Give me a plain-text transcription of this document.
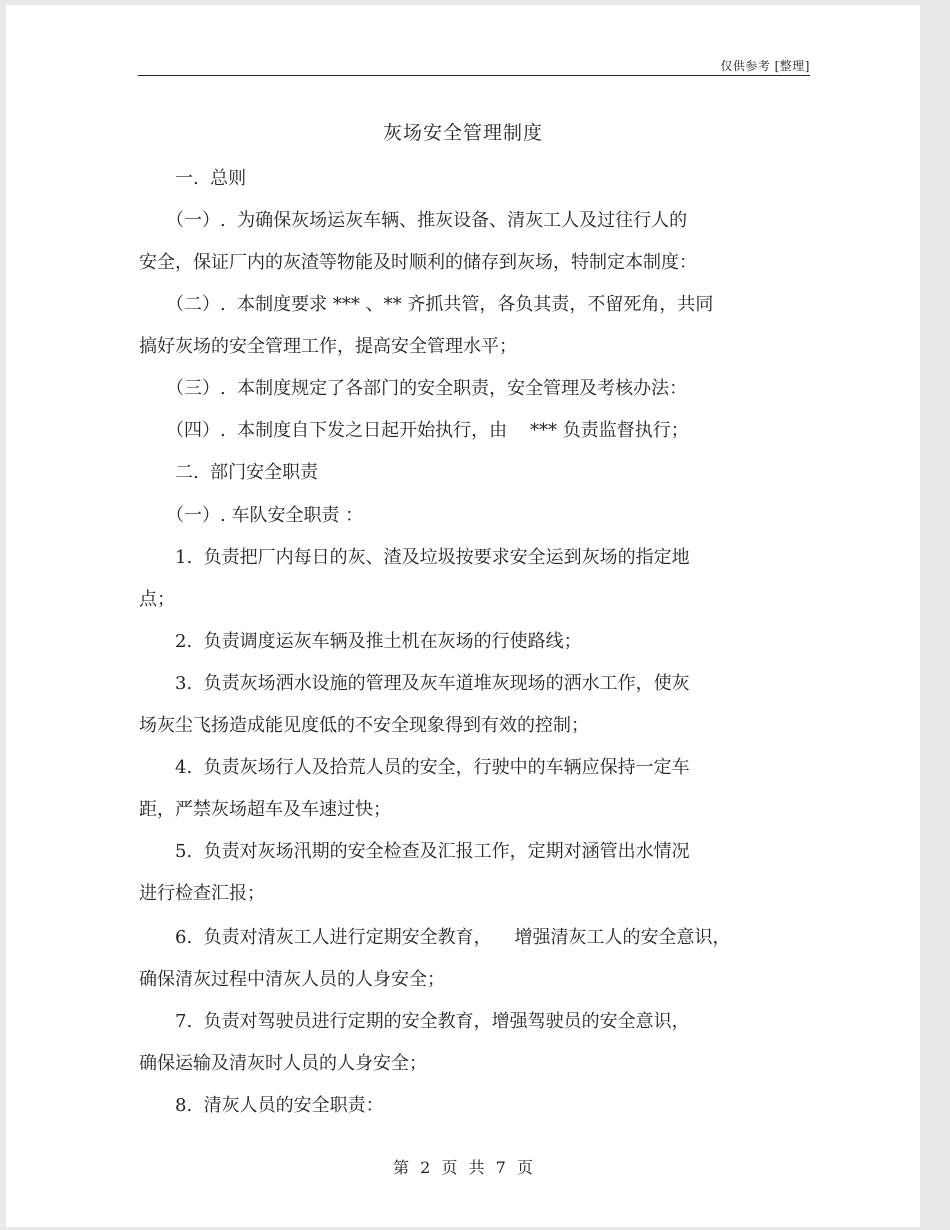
仅供参考 [整理]
灰场安全管理制度
　　一.  总则
　　（一）.  为确保灰场运灰车辆、推灰设备、清灰工人及过往行人的
安全，保证厂内的灰渣等物能及时顺利的储存到灰场，特制定本制度：
　　（二）.  本制度要求 *** 、** 齐抓共管，各负其责，不留死角，共同
搞好灰场的安全管理工作，提高安全管理水平；
　　（三）.  本制度规定了各部门的安全职责，安全管理及考核办法：
　　（四）.  本制度自下发之日起开始执行，由    *** 负责监督执行；
　　二.  部门安全职责
　　（一）. 车队安全职责 ：
　　1.  负责把厂内每日的灰、渣及垃圾按要求安全运到灰场的指定地
点；
　　2.  负责调度运灰车辆及推土机在灰场的行使路线；
　　3.  负责灰场洒水设施的管理及灰车道堆灰现场的洒水工作，使灰
场灰尘飞扬造成能见度低的不安全现象得到有效的控制；
　　4.  负责灰场行人及拾荒人员的安全，行驶中的车辆应保持一定车
距，严禁灰场超车及车速过快；
　　5.  负责对灰场汛期的安全检查及汇报工作，定期对涵管出水情况
进行检查汇报；
　　6.  负责对清灰工人进行定期安全教育，    增强清灰工人的安全意识，
确保清灰过程中清灰人员的人身安全；
　　7.  负责对驾驶员进行定期的安全教育，增强驾驶员的安全意识，
确保运输及清灰时人员的人身安全；
　　8.  清灰人员的安全职责：
第 2 页 共 7 页
